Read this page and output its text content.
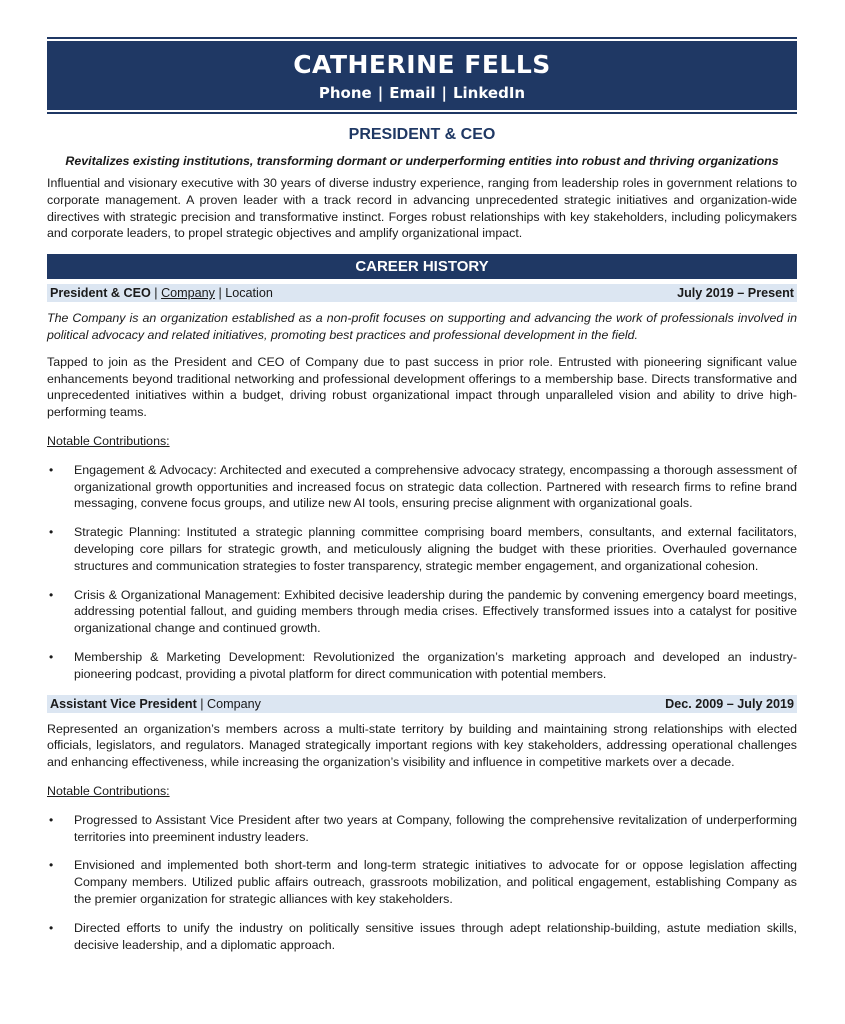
CATHERINE FELLS
Phone | Email | LinkedIn
PRESIDENT & CEO
Revitalizes existing institutions, transforming dormant or underperforming entities into robust and thriving organizations

Influential and visionary executive with 30 years of diverse industry experience, ranging from leadership roles in government relations to corporate management. A proven leader with a track record in advancing unprecedented strategic initiatives and organization-wide directives with strategic precision and transformative instinct. Forges robust relationships with key stakeholders, including policymakers and corporate leaders, to propel strategic objectives and amplify organizational impact.

CAREER HISTORY
President & CEO | Company | Location	July 2019 – Present

The Company is an organization established as a non-profit focuses on supporting and advancing the work of professionals involved in political advocacy and related initiatives, promoting best practices and professional development in the field.

Tapped to join as the President and CEO of Company due to past success in prior role. Entrusted with pioneering significant value enhancements beyond traditional networking and professional development offerings to a membership base. Directs transformative and unprecedented initiatives within a budget, driving robust organizational impact through unparalleled vision and ability to drive high-performing teams.

Notable Contributions:
• Engagement & Advocacy: Architected and executed a comprehensive advocacy strategy, encompassing a thorough assessment of organizational growth opportunities and increased focus on strategic data collection. Partnered with research firms to refine brand messaging, convene focus groups, and utilize new AI tools, ensuring precise alignment with organizational goals.
• Strategic Planning: Instituted a strategic planning committee comprising board members, consultants, and external facilitators, developing core pillars for strategic growth, and meticulously aligning the budget with these priorities. Overhauled governance structures and communication strategies to foster transparency, strategic member engagement, and organizational cohesion.
• Crisis & Organizational Management: Exhibited decisive leadership during the pandemic by convening emergency board meetings, addressing potential fallout, and guiding members through media crises. Effectively transformed issues into a catalyst for positive organizational change and continued growth.
• Membership & Marketing Development: Revolutionized the organization’s marketing approach and developed an industry-pioneering podcast, providing a pivotal platform for direct communication with potential members.
Assistant Vice President | Company	Dec. 2009 – July 2019

Represented an organization’s members across a multi-state territory by building and maintaining strong relationships with elected officials, legislators, and regulators. Managed strategically important regions with key stakeholders, addressing operational challenges and enhancing effectiveness, while increasing the organization’s visibility and influence in competitive markets over a decade.

Notable Contributions:
• Progressed to Assistant Vice President after two years at Company, following the comprehensive revitalization of underperforming territories into preeminent industry leaders.
• Envisioned and implemented both short-term and long-term strategic initiatives to advocate for or oppose legislation affecting Company members. Utilized public affairs outreach, grassroots mobilization, and political engagement, establishing Company as the premier organization for strategic alliances with key stakeholders.
• Directed efforts to unify the industry on politically sensitive issues through adept relationship-building, astute mediation skills, decisive leadership, and a diplomatic approach.
